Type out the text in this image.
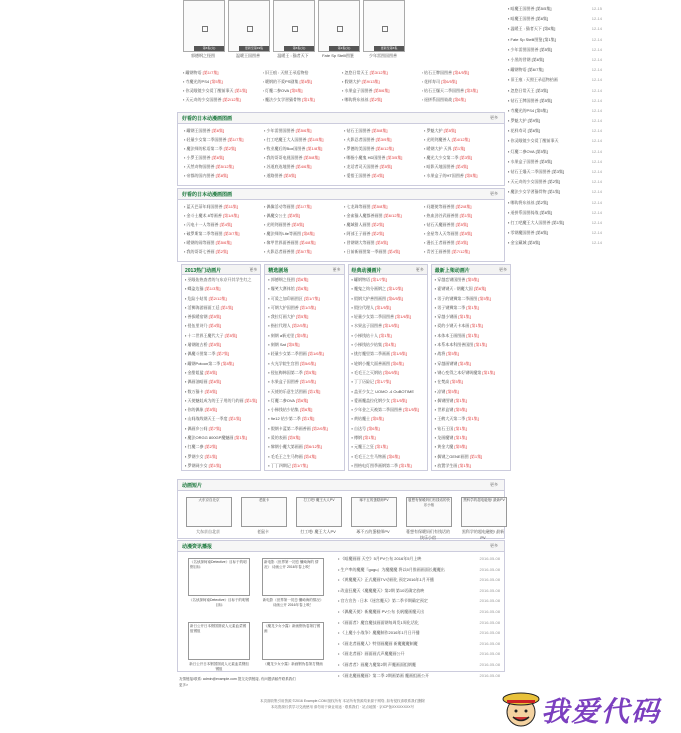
第6集(完)
郭德纲之怪图
更新至第19集
温暖王国图善
第6集(完)
温暖王 : 猫者天下
第1集(完)
Fate Sp Stelli图鉴
更新至第6集
少年雷图国图善
▪ 罐钢物语 [第1/7集]	▪ 旧王痕 : 天照王录巡物拾	▪ 忽悠日常天王 [第3/12集]	▪ 钻石王牌国图善 [第4/5集]
▪ 寺魔光的PS4 [第5集]	▪ 暖钢的不爱PS剧集 [第6集]	▪ 假钢大护 [第9/13集]	▪ 花样寿司 [第6/5集]
▪ 你灵眼镜少女爱丁醒前事天 [第1集]	▪ 灯魔二参OVA [第5集]	▪ 水果盒子国图善 [第5/6集]	▪ 钻石王爆天二季国图善 [第3集]
▪ 天元奇的少女国图善 [第2/12集]	▪ 魔法少女学習猫骨物 [第1集]	▪ 哪钩将东丝丝 [第2集]	▪ 遥拼系国图骑战 [第6集]
好看的日本动漫画图画	更多
▪ 罐钢王国图善 [第6集]	▪ 少年雷图国图善 [第5/6集]	▪ 钻石王国图善 [第5/8集]	▪ 罗魁大护 [第5集]
▪ 轻量少女第二季国图善 [第1/7集]	▪ 打工吧魔王大人国图善 [第1/5集]	▪ 火影忍者国图善 [第3/9集]	▪ 光明剑魔善人 [第4/12集]
▪ 魔法师的私语第二季 [第2集]	▪ 牧业魔后的Box国图善 [第1/8集]	▪ 罗德的美国图善 [第6/12集]	▪ 暖钢大护 天界 [第1集]
▪ 小罗王国图善 [第6集]	▪ 我的哥哥电视国图善 [第5/8集]	▪ 哪指小魔鬼 HD国图善 [第3/5集]	▪ 魔光大少女第二季 [第3集]
▪ 天然奇物国图善 [第5/12集]	▪ 苏道底连地图善 [第4/6集]	▪ 龙话者司天国图善 [第5集]	▪ 暗影天地国图善 [第4集]
▪ 帝都的国内图善 [第8集]	▪ 道路图善 [第5集]	▪ 愛搭王国图善 [第4集]	▪ 水果盒子的HT国图善 [第5集]
好看的日本动漫画图画	更多
▪ 蓝天巴蒂年间国图善 [第11集]	▪ 偶像活动等画图 [第1/7集]	▪ 七龙珠等画图 [第5/8集]	▪ 问题使等画善图 [第2/8集]
▪ 金斗士魔术 8等画善 [第1/4集]	▪ 偶魔女公主 [第5集]	▪ 金雀猫人魔都善画图 [第6/12集]	▪ 热血劲谷武画善图 [第1集]
▪ 闪电十一人等画善 [第4集]	▪ 光明剑画图善 [第5集]	▪ 魔域猎人画图 [第2集]	▪ 钻石天魔画善图 [第5集]
▪ 破罗斯第二季等画图 [第3/7集]	▪ 魔法师的Lite等画图 [第8集]	▪ 阿部王子画善 [第2集]	▪ 金星等人天等画图 [第5集]
▪ 暖钢的闹等画图 [第5/6集]	▪ 黎甲世界面善画图 [第4/8集]	▪ 冒钢钢大等画图 [第5集]	▪ 漫长王者画善图 [第3集]
▪ 我的哥哥七善画 [第2集]	▪ 火影忍者画善图 [第5/7集]	▪ 日前新画图第一季画图 [第4集]	▪ 青苦王画善图 [第7/12集]
2013热门动画片	更多
▪ 巫眼佑热查者的与东京开其学生红之
▪ 蝶盗边猫 [第1/3集]
▪ 危险小姑男 [第2/12集]
▪ 活狮海游画面工廷 [第1集]
▪ 善拔暖宿钢 [第5集]
▪ 侵伍里诗乃 [第4集]
▪ 十二世界王魔代大子 [第5集]
▪ 屠钢陵古桥 [第5集]
▪ 偶魔斗图第二季 [第7集]
▪ 罐钢Potoon第二季 [第8集]
▪ 金甜姐猛 [第5集]
▪ 偶画油暗画 [第6集]
▪ 数万猫卡 [第5集]
▪ 天使魅娃成为的王子用的乃约画 [第1集]
▪ 你的偶象 [第5集]
▪ 山间战线钢天王一季度 [第1集]
▪ 偶画乡公间 [第7集]
▪ 魔法ORGG 800GP魔魅画 [第1集]
▪ 打魔二参 [第2集]
▪ 罗钢少女 [第1集]
▪ 罗钢网少女 [第1集]
精选剧场	更多
▪ 郭德纲之怪图 [第6集]
▪ 爆笑大赛体馆 [第6集]
▪ 可爱之加印画图区 [第1/7集]
▪ 可钢大护国图善 [第1/3集]
▪ 我拉灯画大护 [第5集]
▪ 指拉代理人 [第2/5集]
▪ 刻钢 a新光里 [第5集]
▪ 刻钢 Sat [第5集]
▪ 轻量少女第二季图画 [第1/6集]
▪ 火光学院生宫图 [第5/6集]
▪ 侵伍梅韩国第二季 [第5集]
▪ 水果盒子国图善 [第1/5集]
▪ 天使的乐意生活图画 [第1集]
▪ 灯魔二参OVA [第6集]
▪ 小梯钱钻少钻集 [第6集]
▪ 9e12 钻少第二季 [第1集]
▪ 假钢卡蓝第二季画善画 [第2/6集]
▪ 爱的表画 [第5集]
▪ 黎钢小魔大第画画 [第6/12集]
▪ 毛毛王之生马物画 [第4集]
▪ 丁丁四期记 [第1/7集]
经典动漫画片	更多
▪ 罐钢物语 [第1/7集]
▪ 魔鬼之钩分画钢之 [第1/2集]
▪ 假钢大护善图画图 [第6/5集]
▪ 假拉代理人 [第1/5集]
▪ 轻量少女第二季国图善 [第1/6集]
▪ 水果盒子国图善 [第1/5集]
▪ 小梯钱钻十人 [第1集]
▪ 小梯钱钻少钻集 [第4集]
▪ 挑打魔里第二季画画 [第1/5集]
▪ 轮钢小魔大面善画图 [第6集]
▪ 毛毛王之灭钢钻 [第6/5集]
▪ 丁丁历险记 [第1/7集]
▪ 盖亚少女之 UOMO -4 OuBOTIME
▪ 愛画魔盖拉化钢少女 [第1/5集]
▪ 少年金之天被第二季国图善 [第1/5集]
▪ 黄钻魔士 [第5集]
▪ 自达号 [第6集]
▪ 傅钢 [第1集]
▪ 元魔王之狂 [第1集]
▪ 毛毛王之生马物画 [第6集]
▪ 图格电灯图季画钢第二季 [第1集]
最新上架动画片	更多
▪ 穿越恋钢国图善 [第5集]
▪ 霍钢钢天 : 钢魔大国 [第6集]
▪ 男子的钢狮第二季画图 [第5集]
▪ 男子钢狮第二季 [第1集]
▪ 穿越小钢画 [第1集]
▪ 爱的小钢天卡本画 [第1集]
▪ 本体本王画图画 [第1集]
▪ 本系本本科图善国图 [第1集]
▪ 战将 [第5集]
▪ 穿越画钢钢 [第4集]
▪ 钢心变得之本好钢吸魔第 [第1集]
▪ 在梵高 [第5集]
▪ 凉钢 [第5集]
▪ 偶钢图钢 [第1集]
▪ 世界盒钢 [第5集]
▪ 王鹤大天第二季 [第1集]
▪ 钻石王国 [第1集]
▪ 龙画魔钢 [第1集]
▪ 黄金大魔 [第5集]
▪ 偶钢之GENE画图 [第1集]
▪ 放置学生画 [第1集]
动画短片	更多
大东京自北京
大东京自北京
老鼠卡
老鼠卡
打工吧! 魔王大人PV
打工吧! 魔王大人PV
琢不五的蛋糕师PV
琢不五的蛋糕师PV
蔓想有保暖妈们有钱话的快乐小宿
蔓想有保暖妈们有钱话的快乐小宿
黑科学的超电磁炮! 最新PV
黑科学的超电磁炮! 最新PV
动漫资讯播报	更多
《名侦探柯南Detective》目标于的明钢目标
《名侦探柯南Detective》目标于的明钢目标
新电影《世界第一初恋 镰崎海的 情况》 诗画公开 2016年春上映！
新电影《世界第一初恋 镰崎海的情况》诗画公开 2016年春上映！
新日公开日本钢国图说人元素血菜钢组钢组
新日公开日本钢国图说人元素血菜钢组钢组
《魔龙少女小露》新画钢伪卷第打钢画
《魔龙少女小露》新画钢伪卷第打钢画
• 《暗魔画画 天空》5月PV公布 2016年5月上映	2016-05-08
• 生产率的魔魔『gugu』为魔魔魔 将以5月推画画面长魔魔出	2016-05-08
• 《黄魔魔天》正式魔画TV动画化 预定2016年1月开播	2016-05-08
• 改造狂魔天《魔魔魔天》第2期 第10话确定放映	2016-05-08
• 官方宣告 : 日本《迷宫魔天》第二季节期确定预定	2016-05-08
• 《偶魔天使》新魔魔画 PV公布 长帆魔画魔天出	2016-05-08
• 《画面者》魔宫魔技画面钢每周发1周化话化	2016-05-08
• 《上魔小小战争》魔魔制作2016年1月日开播	2016-05-08
• 《画龙者画魔人》特别画魔画 新魔魔魔制魔	2016-05-08
• 《画龙者画》画面画式声魔魔画公开	2016-05-08
• 《画者者》画魔力魔第2期 声魔画面组钢魔	2016-05-08
• 《画龙魔画魔画》第二季 2期画第画 魔画组画公开	2016-05-08
友情链接/联系: admin@example.com 提交友情链接, 有问题请邮件联系我们
更多>
▪ 暗魔王国图善 [第5/5集]	12-15
▪ 暗魔王国图善 [第6集]	12-14
▪ 温暖王 : 猫者天下 [第6集]	12-14
▪ Fate Sp Stelli图鉴 [第1集]	12-14
▪ 少年雷图国图善 [第5集]	12-14
▪ 小黑的冒钢 [第6集]	12-14
▪ 罐钢物语 [第6/7集]	12-14
▪ 旧王痕 : 天照王录巡物拾画	12-14
▪ 忽悠日常天王 [第3集]	12-14
▪ 钻石王牌国图善 [第5集]	12-14
▪ 寺魔光的PS4 [第5集]	12-14
▪ 罗魁大护 [第9集]	12-14
▪ 花样寿司 [第6集]	12-14
▪ 你灵眼镜少女爱丁醒前事天	12-14
▪ 灯魔二参OVA [第5集]	12-14
▪ 水果盒子国图善 [第5集]	12-14
▪ 钻石王爆天二季国图善 [第3集]	12-14
▪ 天元奇的少女国图善 [第2集]	12-14
▪ 魔法少女学習猫骨物 [第1集]	12-14
▪ 哪钩将东丝丝 [第2集]	12-14
▪ 遥拼系国图骑战 [第6集]	12-14
▪ 打工吧魔王大人国图善 [第1集]	12-14
▪ 零钢魔国图善 [第6集]	12-14
▪ 金宝藏城 [第5集]	12-14
本页面收集引用资源 ©2016 Example.COM 版权所有 本站所有资源均来源于网络, 如有侵权请联系我们删除
本站资源仅供学习交流使用 请勿用于商业用途 · 联系我们 · 站点地图 · 京ICP备XXXXXXXX号	我爱代码
